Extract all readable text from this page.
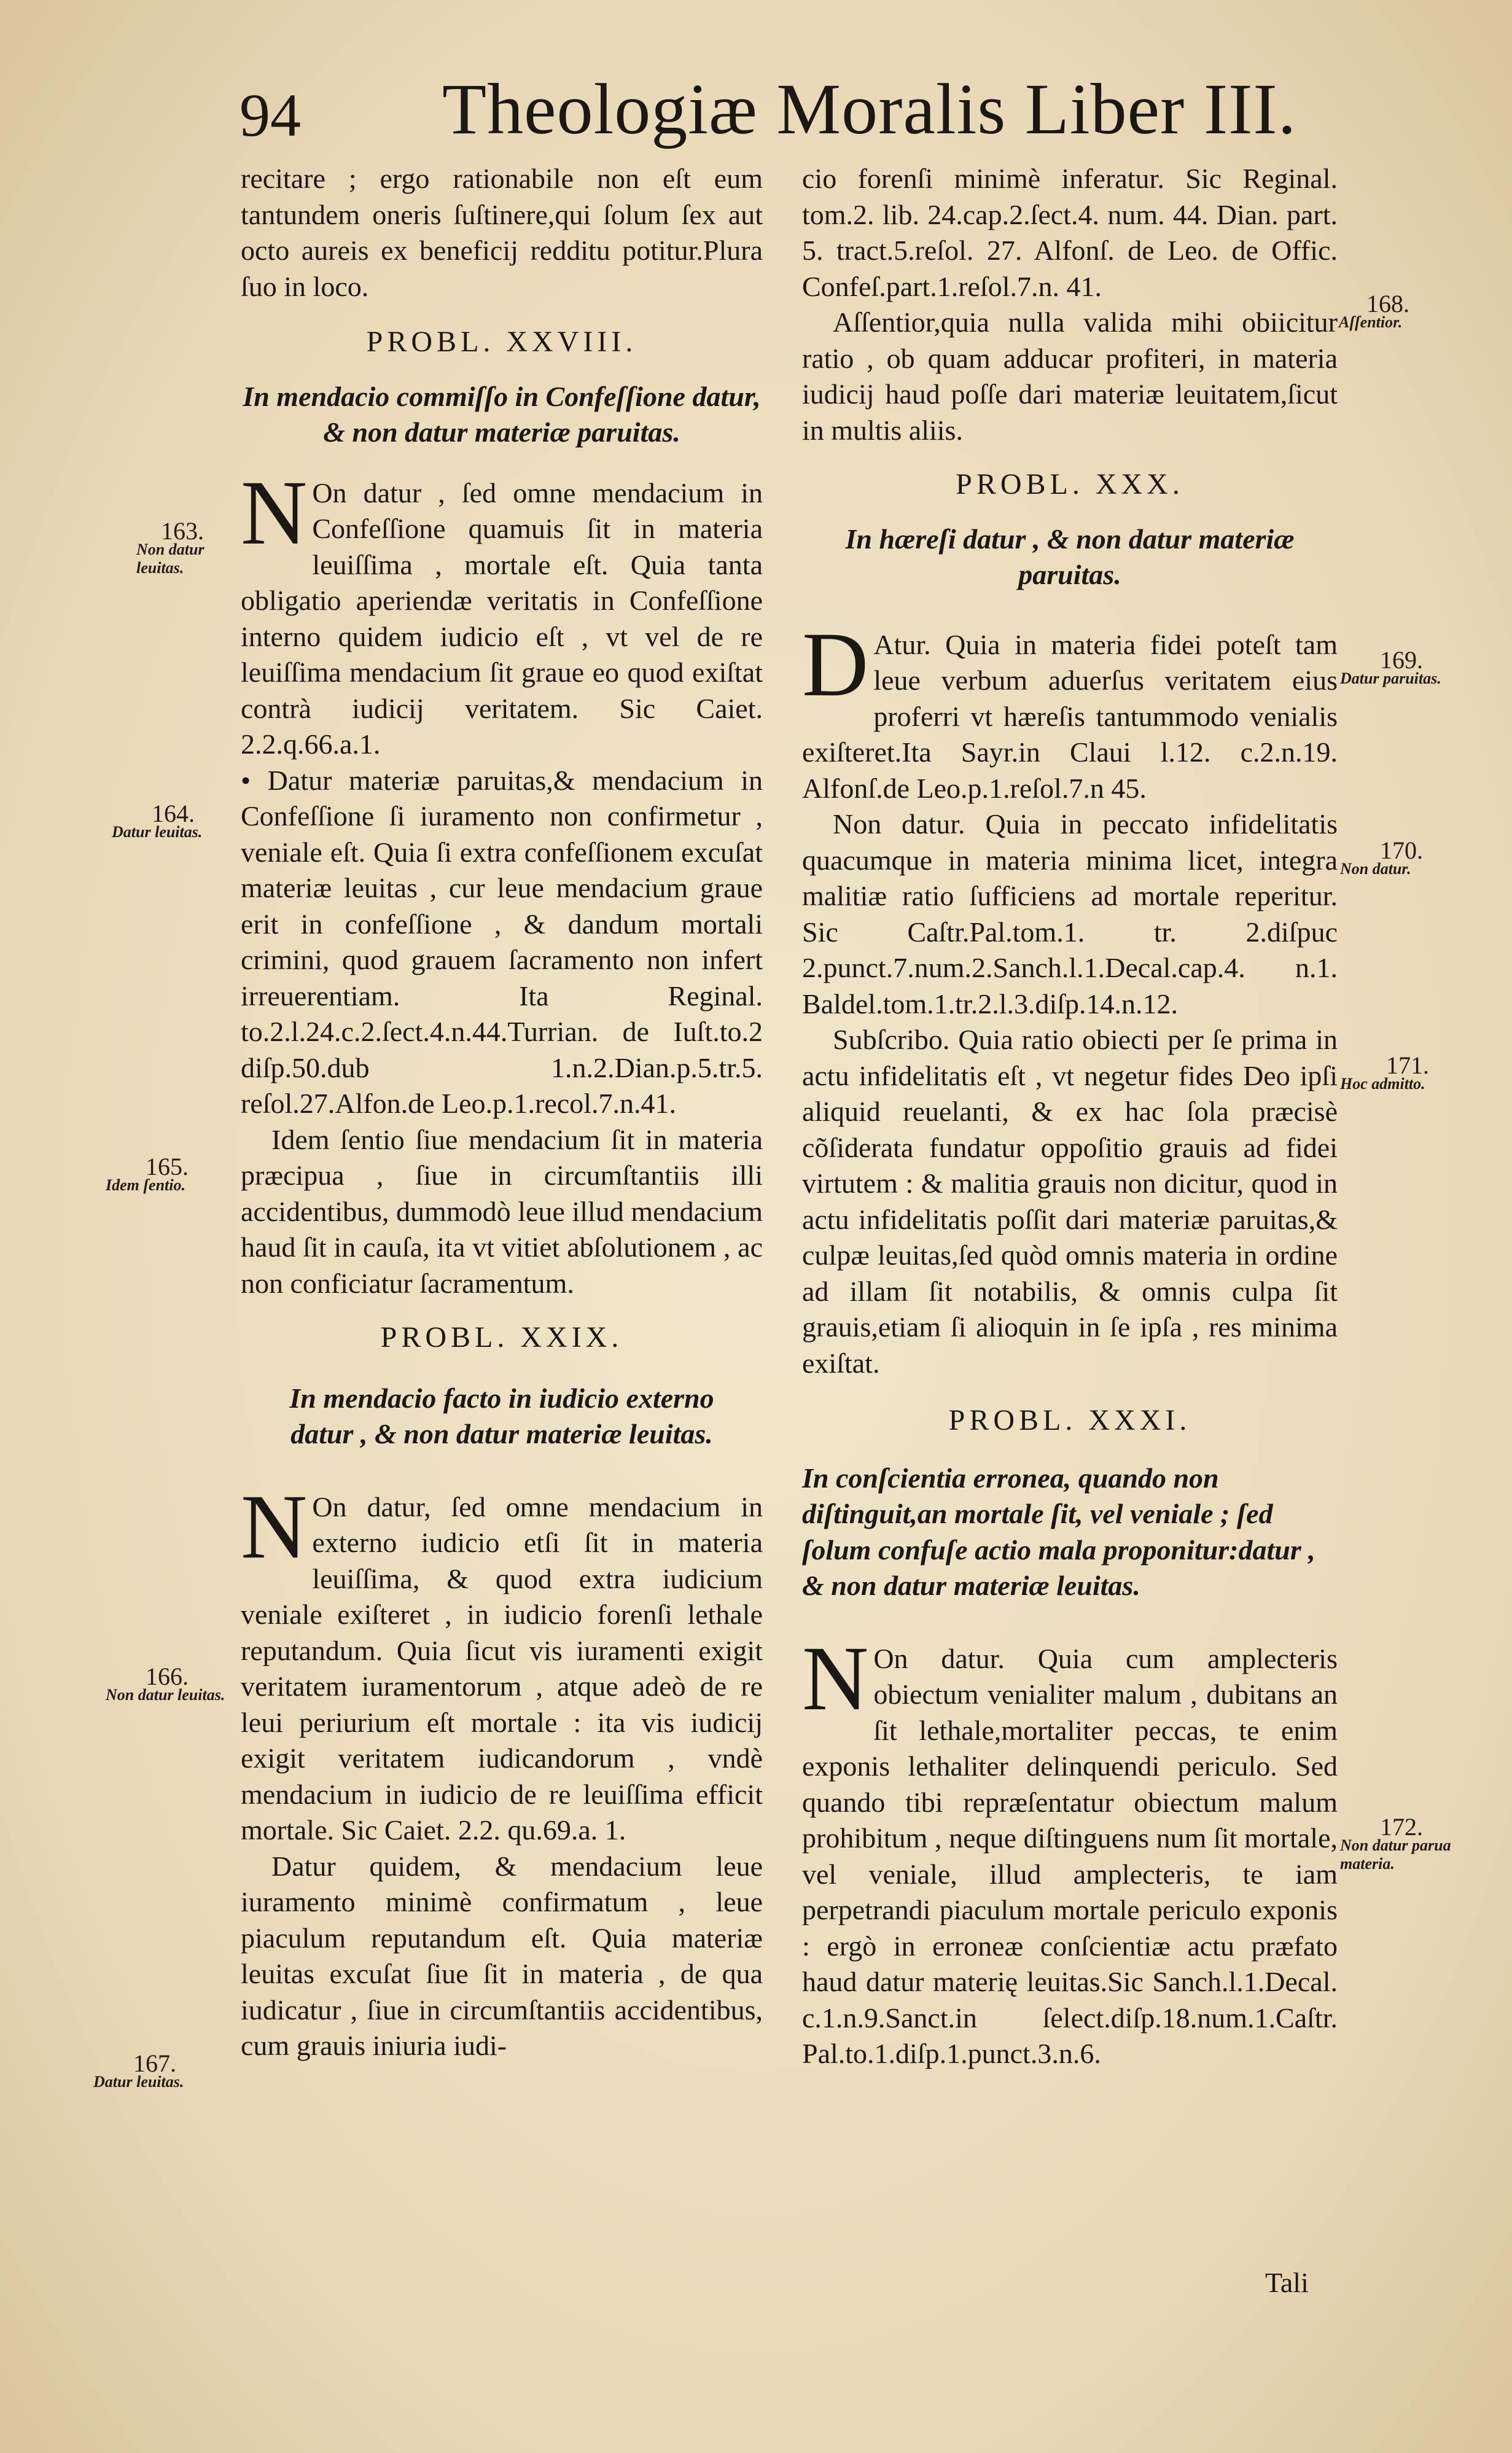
94 Theologiæ Moralis Liber III.

recitare ; ergo rationabile non eſt eum tantundem oneris ſuſtinere,qui ſolum ſex aut octo aureis ex beneficij redditu potitur.Plura ſuo in loco.

PROBL. XXVIII.

In mendacio commiſſo in Confeſſione datur, & non datur materiæ paruitas.

N On datur , ſed omne mendacium in Confeſſione quamuis ſit in materia leuiſſima , mortale eſt. Quia tanta obligatio aperiendæ veritatis in Confeſſione interno quidem iudicio eſt , vt vel de re leuiſſima mendacium ſit graue eo quod exiſtat contrà iudicij veritatem. Sic Caiet. 2.2.q.66.a.1.

• Datur materiæ paruitas,& mendacium in Confeſſione ſi iuramento non confirmetur , veniale eſt. Quia ſi extra confeſſionem excuſat materiæ leuitas , cur leue mendacium graue erit in confeſſione , & dandum mortali crimini, quod grauem ſacramento non infert irreuerentiam. Ita Reginal. to.2.l.24.c.2.ſect.4.n.44.Turrian. de Iuſt.to.2 diſp.50.dub 1.n.2.Dian.p.5.tr.5. reſol.27.Alfon.de Leo.p.1.recol.7.n.41.

Idem ſentio ſiue mendacium ſit in materia præcipua , ſiue in circumſtantiis illi accidentibus, dummodò leue illud mendacium haud ſit in cauſa, ita vt vitiet abſolutionem , ac non conficiatur ſacramentum.

PROBL. XXIX.

In mendacio facto in iudicio externo datur , & non datur materiæ leuitas.

N On datur, ſed omne mendacium in externo iudicio etſi ſit in materia leuiſſima, & quod extra iudicium veniale exiſteret , in iudicio forenſi lethale reputandum. Quia ſicut vis iuramenti exigit veritatem iuramentorum , atque adeò de re leui periurium eſt mortale : ita vis iudicij exigit veritatem iudicandorum , vndè mendacium in iudicio de re leuiſſima efficit mortale. Sic Caiet. 2.2. qu.69.a. 1.

Datur quidem, & mendacium leue iuramento minimè confirmatum , leue piaculum reputandum eſt. Quia materiæ leuitas excuſat ſiue ſit in materia , de qua iudicatur , ſiue in circumſtantiis accidentibus, cum grauis iniuria iudi-

cio forenſi minimè inferatur. Sic Reginal. tom.2. lib. 24.cap.2.ſect.4. num. 44. Dian. part. 5. tract.5.reſol. 27. Alfonſ. de Leo. de Offic. Confeſ.part.1.reſol.7.n. 41.

Aſſentior,quia nulla valida mihi obiicitur ratio , ob quam adducar profiteri, in materia iudicij haud poſſe dari materiæ leuitatem,ſicut in multis aliis.

PROBL. XXX.

In hæreſi datur , & non datur materiæ paruitas.

D Atur. Quia in materia fidei poteſt tam leue verbum aduerſus veritatem eius proferri vt hæreſis tantummodo venialis exiſteret.Ita Sayr.in Claui l.12. c.2.n.19. Alfonſ.de Leo.p.1.reſol.7.n 45.

Non datur. Quia in peccato infidelitatis quacumque in materia minima licet, integra malitiæ ratio ſufficiens ad mortale reperitur. Sic Caſtr.Pal.tom.1. tr. 2.diſpuc 2.punct.7.num.2.Sanch.l.1.Decal.cap.4. n.1. Baldel.tom.1.tr.2.l.3.diſp.14.n.12.

Subſcribo. Quia ratio obiecti per ſe prima in actu infidelitatis eſt , vt negetur fides Deo ipſi aliquid reuelanti, & ex hac ſola præcisè cõſiderata fundatur oppoſitio grauis ad fidei virtutem : & malitia grauis non dicitur, quod in actu infidelitatis poſſit dari materiæ paruitas,& culpæ leuitas,ſed quòd omnis materia in ordine ad illam ſit notabilis, & omnis culpa ſit grauis,etiam ſi alioquin in ſe ipſa , res minima exiſtat.

PROBL. XXXI.

In conſcientia erronea, quando non diſtinguit,an mortale ſit, vel veniale ; ſed ſolum confuſe actio mala proponitur:datur , & non datur materiæ leuitas.

N On datur. Quia cum amplecteris obiectum venialiter malum , dubitans an ſit lethale,mortaliter peccas, te enim exponis lethaliter delinquendi periculo. Sed quando tibi repræſentatur obiectum malum prohibitum , neque diſtinguens num ſit mortale, vel veniale, illud amplecteris, te iam perpetrandi piaculum mortale periculo exponis : ergò in erroneæ conſcientiæ actu præfato haud datur materię leuitas.Sic Sanch.l.1.Decal. c.1.n.9.Sanct.in ſelect.diſp.18.num.1.Caſtr. Pal.to.1.diſp.1.punct.3.n.6.
Tali
163.
Non datur leuitas.
164.
Datur leuitas.
165.
Idem ſentio.
166.
Non datur leuitas.
167.
Datur leuitas.
168.
Aſſentior.
169.
Datur paruitas.
170.
Non datur.
171.
Hoc admitto.
172.
Non datur parua materia.
